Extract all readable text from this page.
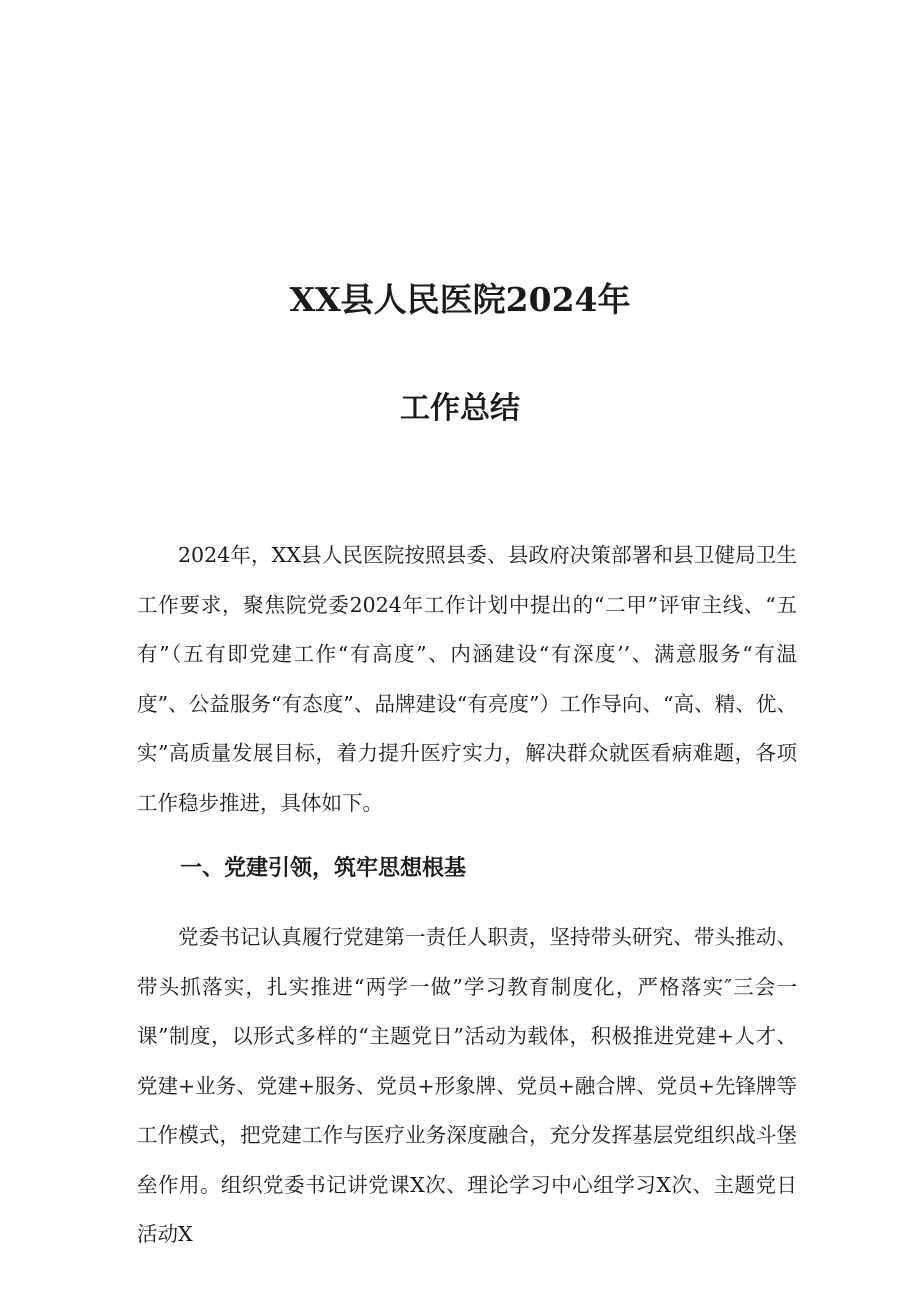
XX县人民医院2024年
工作总结

2024年，XX县人民医院按照县委、县政府决策部署和县卫健局卫生工作要求，聚焦院党委2024年工作计划中提出的“二甲”评审主线、“五有”（五有即党建工作“有高度”、内涵建设“有深度’’、满意服务“有温度”、公益服务“有态度”、品牌建设“有亮度”）工作导向、“高、精、优、实”高质量发展目标，着力提升医疗实力，解决群众就医看病难题，各项工作稳步推进，具体如下。

一、党建引领，筑牢思想根基

党委书记认真履行党建第一责任人职责，坚持带头研究、带头推动、带头抓落实，扎实推进“两学一做”学习教育制度化，严格落实″三会一课”制度，以形式多样的“主题党日”活动为载体，积极推进党建+人才、党建+业务、党建+服务、党员+形象牌、党员+融合牌、党员+先锋牌等工作模式，把党建工作与医疗业务深度融合，充分发挥基层党组织战斗堡垒作用。组织党委书记讲党课X次、理论学习中心组学习X次、主题党日活动X
